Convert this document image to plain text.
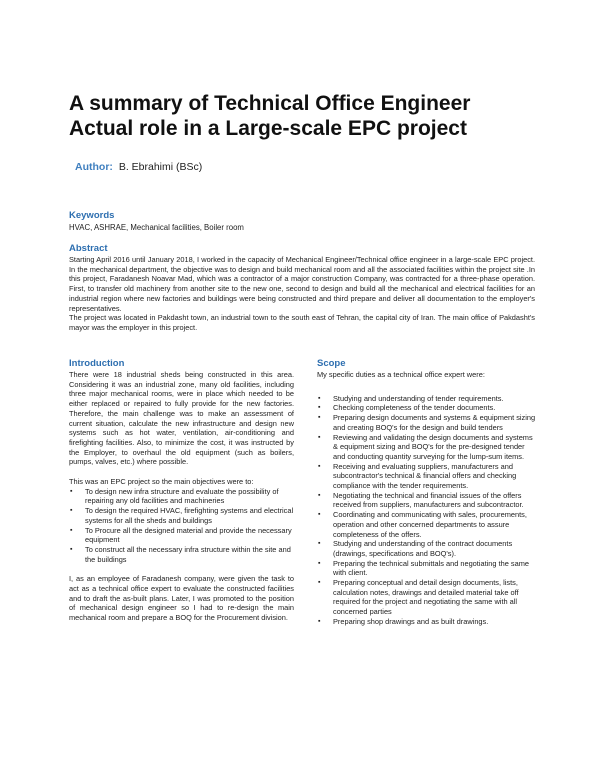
A summary of Technical Office Engineer Actual role in a Large-scale EPC project
Author: B. Ebrahimi (BSc)
Keywords

HVAC, ASHRAE, Mechanical facilities, Boiler room

Abstract

Starting April 2016 until January 2018, I worked in the capacity of Mechanical Engineer/Technical office engineer in a large-scale EPC project. In the mechanical department, the objective was to design and build mechanical room and all the associated facilities within the project site .In this project, Faradanesh Noavar Mad, which was a contractor of a major construction Company, was contracted for a three-phase operation. First, to transfer old machinery from another site to the new one, second to design and build all the mechanical and electrical facilities for an industrial region where new factories and buildings were being constructed and third prepare and deliver all documentation to the employer's representatives.

The project was located in Pakdasht town, an industrial town to the south east of Tehran, the capital city of Iran. The main office of Pakdasht's mayor was the employer in this project.

Introduction

There were 18 industrial sheds being constructed in this area. Considering it was an industrial zone, many old facilities, including three major mechanical rooms, were in place which needed to be either replaced or repaired to fully provide for the new factories. Therefore, the main challenge was to make an assessment of current situation, calculate the new infrastructure and design new systems such as hot water, ventilation, air-conditioning and firefighting facilities. Also, to minimize the cost, it was instructed by the Employer, to overhaul the old equipment (such as boilers, pumps, valves, etc.) where possible.

This was an EPC project so the main objectives were to:

▪ To design new infra structure and evaluate the possibility of repairing any old facilities and machineries
▪ To design the required HVAC, firefighting systems and electrical systems for all the sheds and buildings
▪ To Procure all the designed material and provide the necessary equipment
▪ To construct all the necessary infra structure within the site and the buildings

I, as an employee of Faradanesh company, were given the task to act as a technical office expert to evaluate the constructed facilities and to draft the as-built plans. Later, I was promoted to the position of mechanical design engineer so I had to re-design the main mechanical room and prepare a BOQ for the Procurement division.

Scope

My specific duties as a technical office expert were:

▪ Studying and understanding of tender requirements.
▪ Checking completeness of the tender documents.
▪ Preparing design documents and systems & equipment sizing and creating BOQ's for the design and build tenders
▪ Reviewing and validating the design documents and systems & equipment sizing and BOQ's for the pre-designed tender and conducting quantity surveying for the lump-sum items.
▪ Receiving and evaluating suppliers, manufacturers and subcontractor's technical & financial offers and checking compliance with the tender requirements.
▪ Negotiating the technical and financial issues of the offers received from suppliers, manufacturers and subcontractor.
▪ Coordinating and communicating with sales, procurements, operation and other concerned departments to assure completeness of the offers.
▪ Studying and understanding of the contract documents (drawings, specifications and BOQ's).
▪ Preparing the technical submittals and negotiating the same with client.
▪ Preparing conceptual and detail design documents, lists, calculation notes, drawings and detailed material take off required for the project and negotiating the same with all concerned parties
▪ Preparing shop drawings and as built drawings.
